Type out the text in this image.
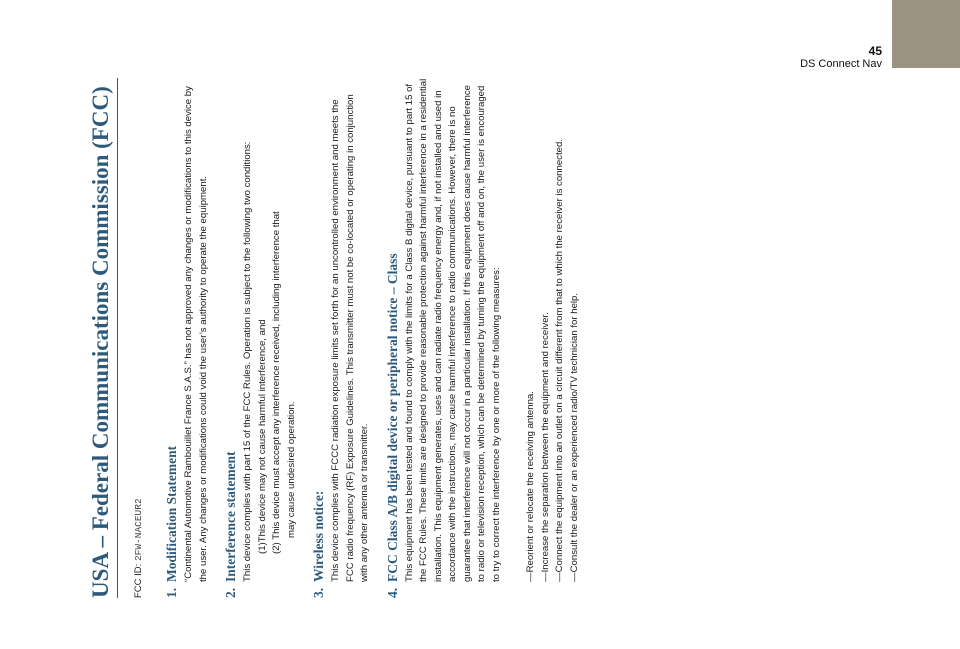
45
DS Connect Nav
USA – Federal Communications Commission (FCC)	FCC ID: 2FW-NACEUR2
1.Modification Statement “Continental Automotive Rambouillet France S.A.S.” has not approved any changes or modifications to this device by the user. Any changes or modifications could void the user’s authority to operate the equipment.

2.Interference statement This device complies with part 15 of the FCC Rules. Operation is subject to the following two conditions: (1)This device may not cause harmful interference, and (2) This device must accept any interference received, including interference that may cause undesired operation.

3.Wireless notice: This device complies with FCCC radiation exposure limits set forth for an uncontrolled environment and meets the FCC radio frequency (RF) Exposure Guidelines. This transmitter must not be co-located or operating in conjunction with any other antenna or transmitter.

4.FCC Class A/B digital device or peripheral notice – Class This equipment has been tested and found to comply with the limits for a Class B digital device, pursuant to part 15 of the FCC Rules. These limits are designed to provide reasonable protection against harmful interference in a residential installation. This equipment generates, uses and can radiate radio frequency energy and, if not installed and used in accordance with the instructions, may cause harmful interference to radio communications. However, there is no guarantee that interference will not occur in a particular installation. If this equipment does cause harmful interference to radio or television reception, which can be determined by turning the equipment off and on, the user is encouraged to try to correct the interference by one or more of the following measures: —Reorient or relocate the receiving antenna. —Increase the separation between the equipment and receiver. —Connect the equipment into an outlet on a circuit different from that to which the receiver is connected. —Consult the dealer or an experienced radio/TV technician for help.
